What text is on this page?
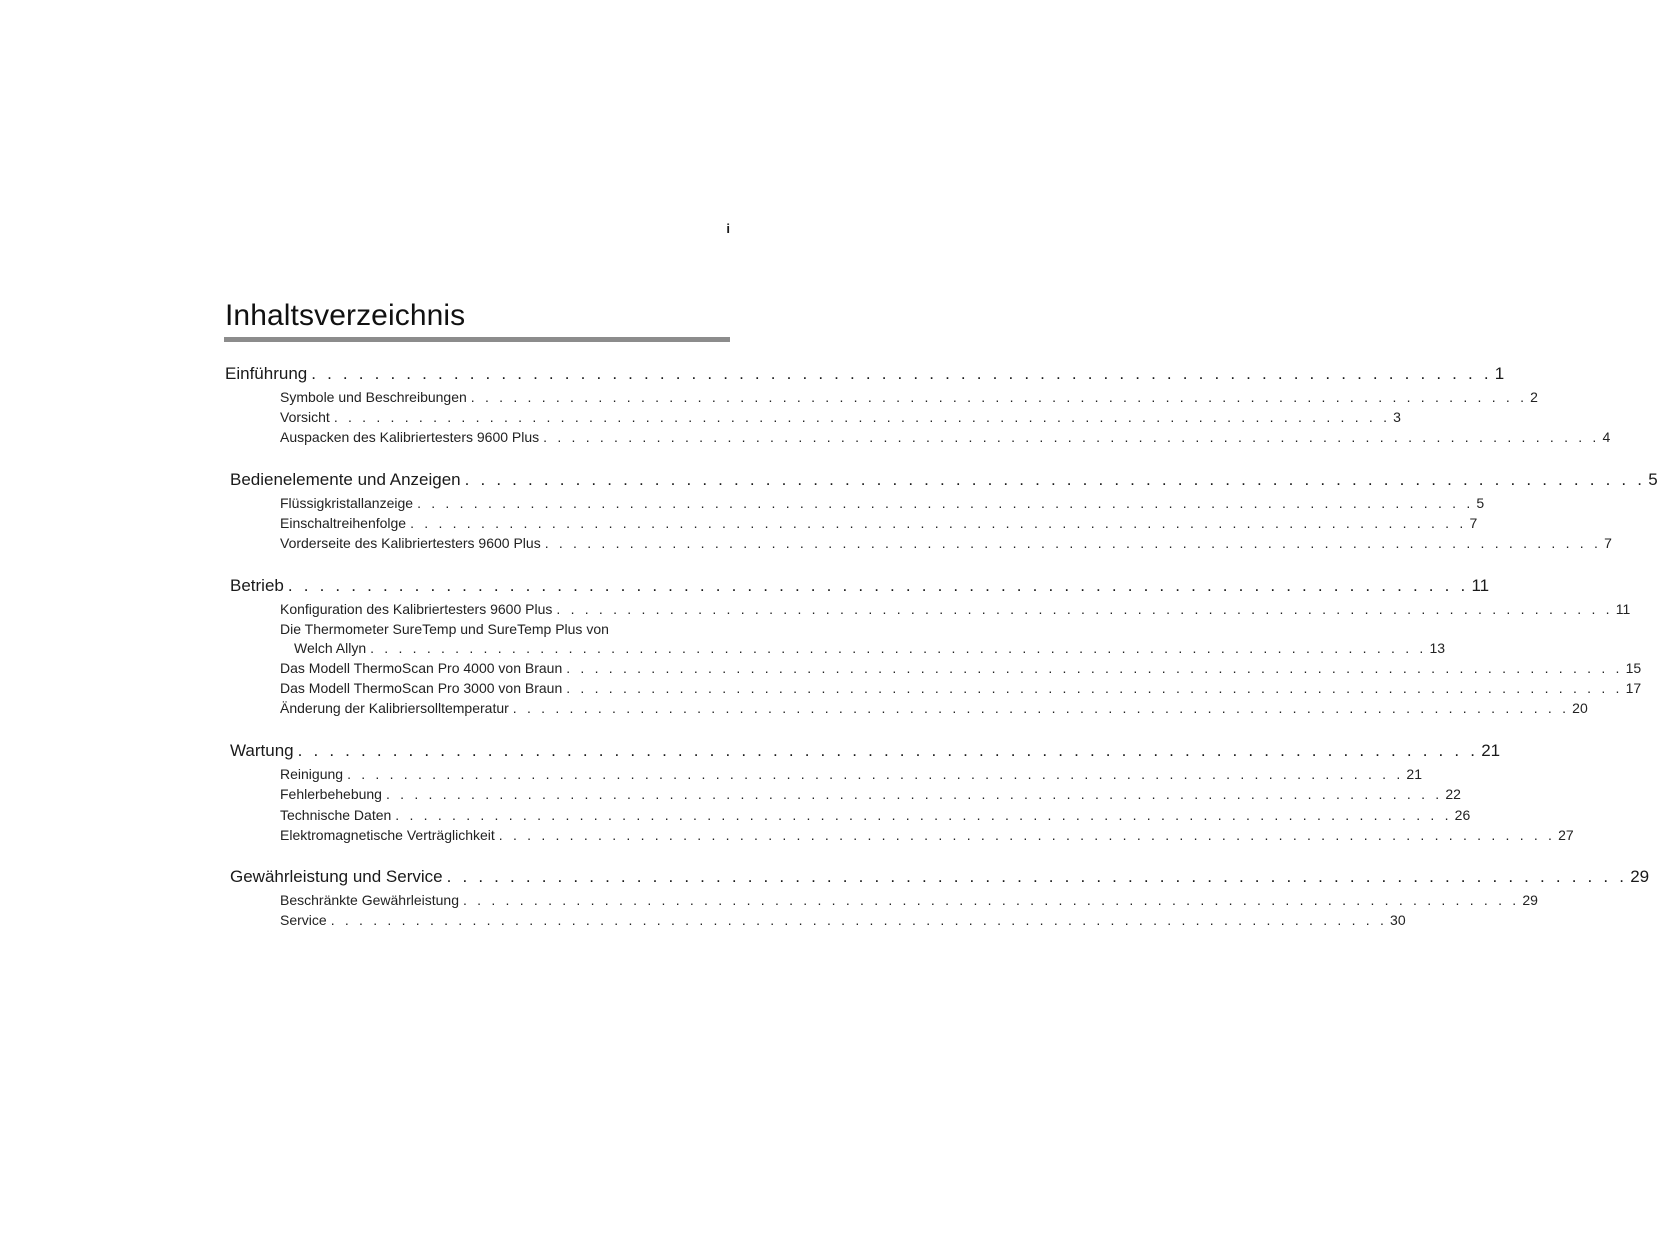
i
Inhaltsverzeichnis
Einführung . . . . . . . . . . . . . . . . . . . . . . . . . . . . . . . . . . . . . . . . . . . . . . . . . . . . . . . . . . . . . . . . . . . . . . . . . . . 1
Symbole und Beschreibungen . . . . . . . . . . . . . . . . . . . . . . . . . . . . . . . . . . . . . . . . . . . . . . . . . . . . . . . . . . . . . . . . . . . . . . . . . . . 2
Vorsicht . . . . . . . . . . . . . . . . . . . . . . . . . . . . . . . . . . . . . . . . . . . . . . . . . . . . . . . . . . . . . . . . . . . . . . . . . . . 3
Auspacken des Kalibriertesters 9600 Plus . . . . . . . . . . . . . . . . . . . . . . . . . . . . . . . . . . . . . . . . . . . . . . . . . . . . . . . . . . . . . . . . . . . . . . . . . . . 4
Bedienelemente und Anzeigen . . . . . . . . . . . . . . . . . . . . . . . . . . . . . . . . . . . . . . . . . . . . . . . . . . . . . . . . . . . . . . . . . . . . . . . . . . . 5
Flüssigkristallanzeige . . . . . . . . . . . . . . . . . . . . . . . . . . . . . . . . . . . . . . . . . . . . . . . . . . . . . . . . . . . . . . . . . . . . . . . . . . . 5
Einschaltreihenfolge . . . . . . . . . . . . . . . . . . . . . . . . . . . . . . . . . . . . . . . . . . . . . . . . . . . . . . . . . . . . . . . . . . . . . . . . . . . 7
Vorderseite des Kalibriertesters 9600 Plus . . . . . . . . . . . . . . . . . . . . . . . . . . . . . . . . . . . . . . . . . . . . . . . . . . . . . . . . . . . . . . . . . . . . . . . . . . . 7
Betrieb . . . . . . . . . . . . . . . . . . . . . . . . . . . . . . . . . . . . . . . . . . . . . . . . . . . . . . . . . . . . . . . . . . . . . . . . . . . 11
Konfiguration des Kalibriertesters 9600 Plus . . . . . . . . . . . . . . . . . . . . . . . . . . . . . . . . . . . . . . . . . . . . . . . . . . . . . . . . . . . . . . . . . . . . . . . . . . . 11
Die Thermometer SureTemp und SureTemp Plus von
Welch Allyn . . . . . . . . . . . . . . . . . . . . . . . . . . . . . . . . . . . . . . . . . . . . . . . . . . . . . . . . . . . . . . . . . . . . . . . . . . . 13
Das Modell ThermoScan Pro 4000 von Braun . . . . . . . . . . . . . . . . . . . . . . . . . . . . . . . . . . . . . . . . . . . . . . . . . . . . . . . . . . . . . . . . . . . . . . . . . . . 15
Das Modell ThermoScan Pro 3000 von Braun . . . . . . . . . . . . . . . . . . . . . . . . . . . . . . . . . . . . . . . . . . . . . . . . . . . . . . . . . . . . . . . . . . . . . . . . . . . 17
Änderung der Kalibriersolltemperatur . . . . . . . . . . . . . . . . . . . . . . . . . . . . . . . . . . . . . . . . . . . . . . . . . . . . . . . . . . . . . . . . . . . . . . . . . . . 20
Wartung . . . . . . . . . . . . . . . . . . . . . . . . . . . . . . . . . . . . . . . . . . . . . . . . . . . . . . . . . . . . . . . . . . . . . . . . . . . 21
Reinigung . . . . . . . . . . . . . . . . . . . . . . . . . . . . . . . . . . . . . . . . . . . . . . . . . . . . . . . . . . . . . . . . . . . . . . . . . . . 21
Fehlerbehebung . . . . . . . . . . . . . . . . . . . . . . . . . . . . . . . . . . . . . . . . . . . . . . . . . . . . . . . . . . . . . . . . . . . . . . . . . . . 22
Technische Daten . . . . . . . . . . . . . . . . . . . . . . . . . . . . . . . . . . . . . . . . . . . . . . . . . . . . . . . . . . . . . . . . . . . . . . . . . . . 26
Elektromagnetische Verträglichkeit . . . . . . . . . . . . . . . . . . . . . . . . . . . . . . . . . . . . . . . . . . . . . . . . . . . . . . . . . . . . . . . . . . . . . . . . . . . 27
Gewährleistung und Service . . . . . . . . . . . . . . . . . . . . . . . . . . . . . . . . . . . . . . . . . . . . . . . . . . . . . . . . . . . . . . . . . . . . . . . . . . . 29
Beschränkte Gewährleistung . . . . . . . . . . . . . . . . . . . . . . . . . . . . . . . . . . . . . . . . . . . . . . . . . . . . . . . . . . . . . . . . . . . . . . . . . . . 29
Service . . . . . . . . . . . . . . . . . . . . . . . . . . . . . . . . . . . . . . . . . . . . . . . . . . . . . . . . . . . . . . . . . . . . . . . . . . . 30
